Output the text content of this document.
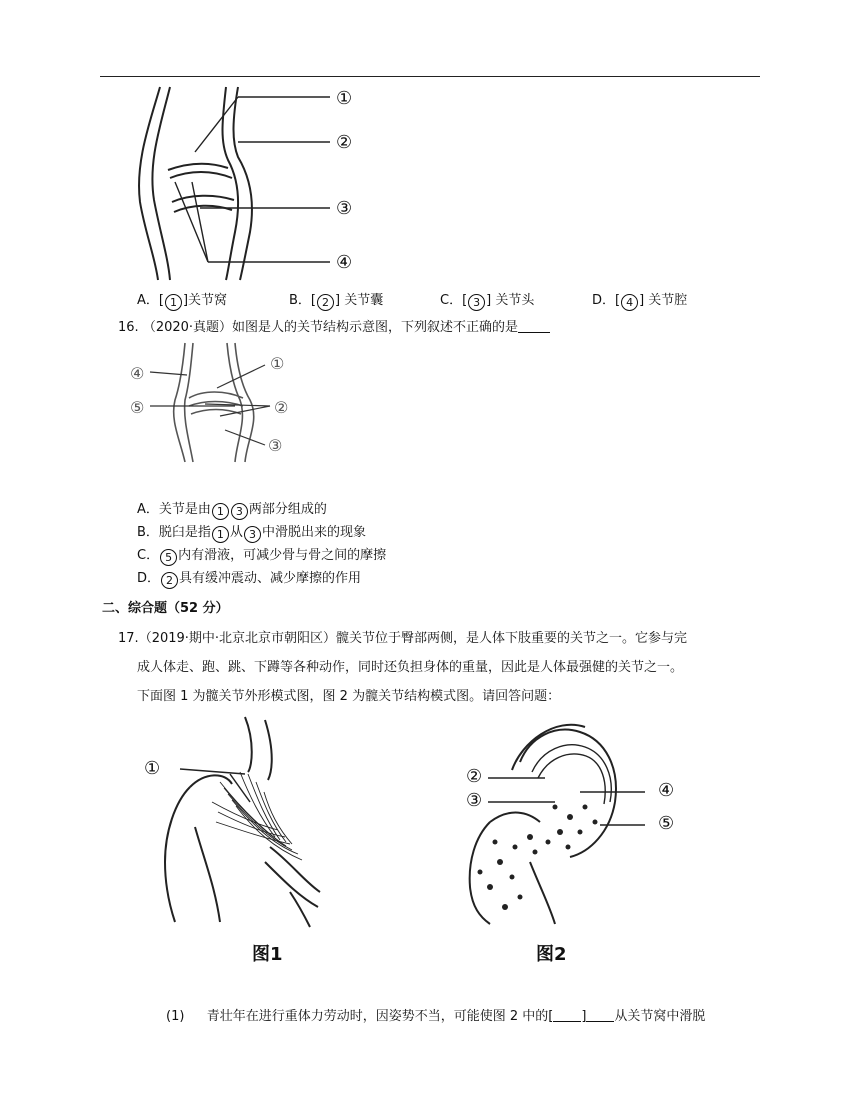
①
②
③
④
A．[ 1 ]关节窝	B．[ 2 ] 关节囊	C．[ 3 ] 关节头	D．[ 4 ] 关节腔
16. （2020·真题）如图是人的关节结构示意图，下列叙述不正确的是
④
⑤
①
②
③
A．关节是由 1 3 两部分组成的
B．脱臼是指 1 从 3 中滑脱出来的现象
C． 5 内有滑液，可减少骨与骨之间的摩擦
D． 2 具有缓冲震动、减少摩擦的作用
二、综合题（52 分）
17.（2019·期中·北京北京市朝阳区）髋关节位于臀部两侧，是人体下肢重要的关节之一。它参与完
成人体走、跑、跳、下蹲等各种动作，同时还负担身体的重量，因此是人体最强健的关节之一。
下面图 1 为髋关节外形模式图，图 2 为髋关节结构模式图。请回答问题：
①
图1
②
③	④
⑤
图2
(1) 青壮年在进行重体力劳动时，因姿势不当，可能使图 2 中的[ ] 从关节窝中滑脱
